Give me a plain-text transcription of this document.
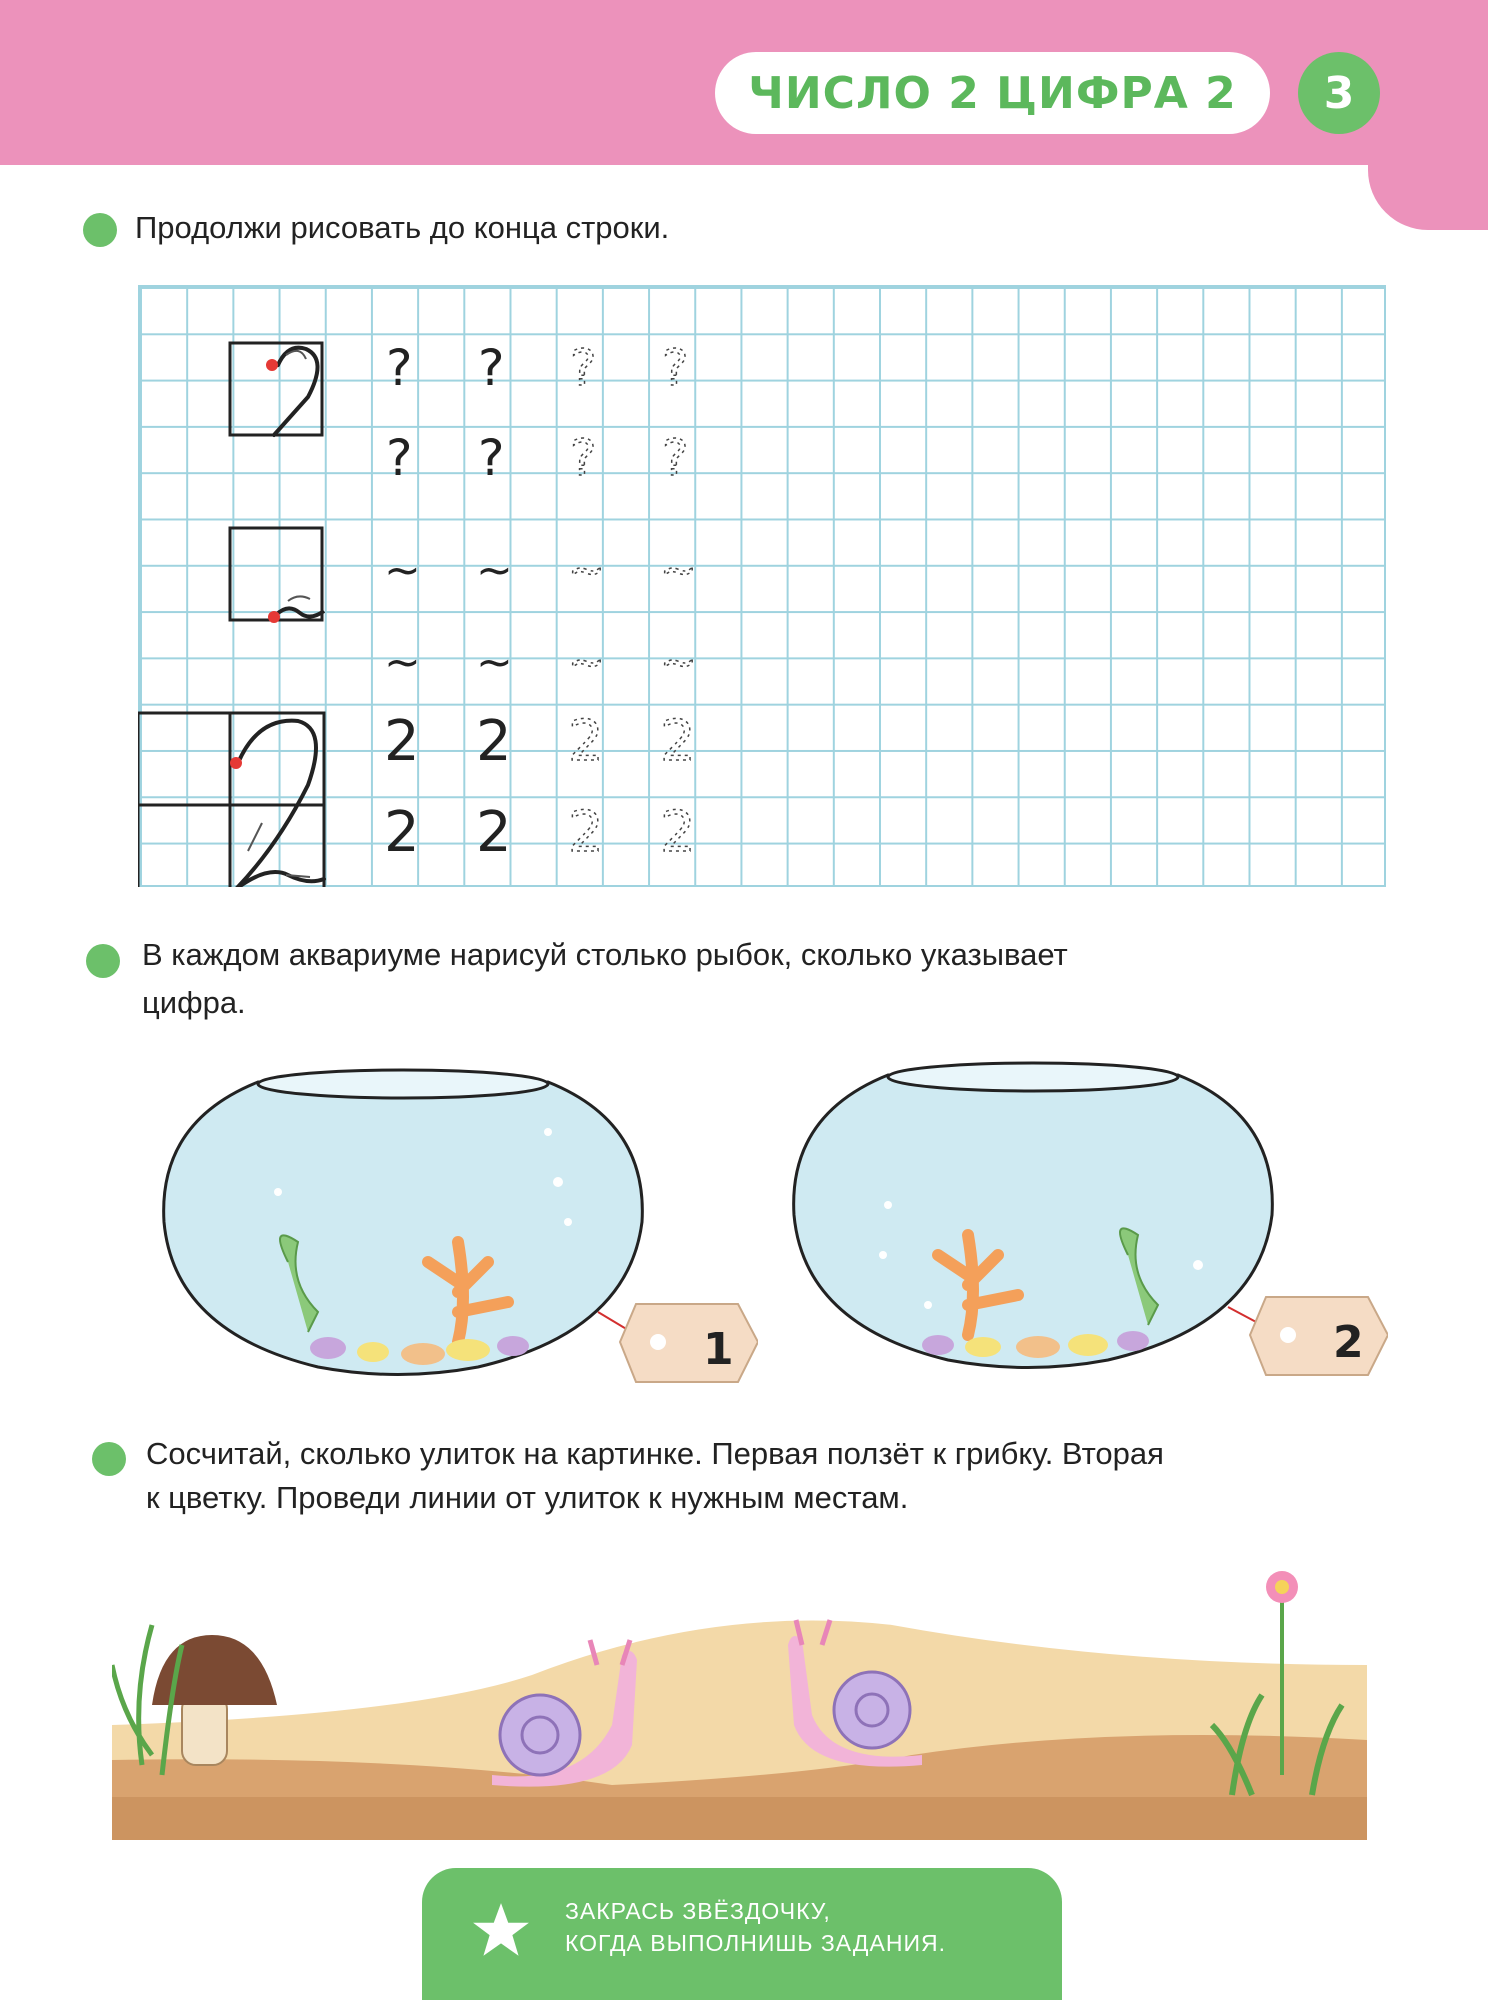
ЧИСЛО 2 ЦИФРА 2	3
Продолжи рисовать до конца строки.
? ? ? ?
? ? ? ?
~ ~ ~ ~
~ ~ ~ ~
2 2 2 2
2 2 2 2
В каждом аквариуме нарисуй столько рыбок, сколько указывает
цифра.
1	2
Сосчитай, сколько улиток на картинке. Первая ползёт к грибку. Вторая
к цветку. Проведи линии от улиток к нужным местам.
ЗАКРАСЬ ЗВЁЗДОЧКУ,
КОГДА ВЫПОЛНИШЬ ЗАДАНИЯ.
